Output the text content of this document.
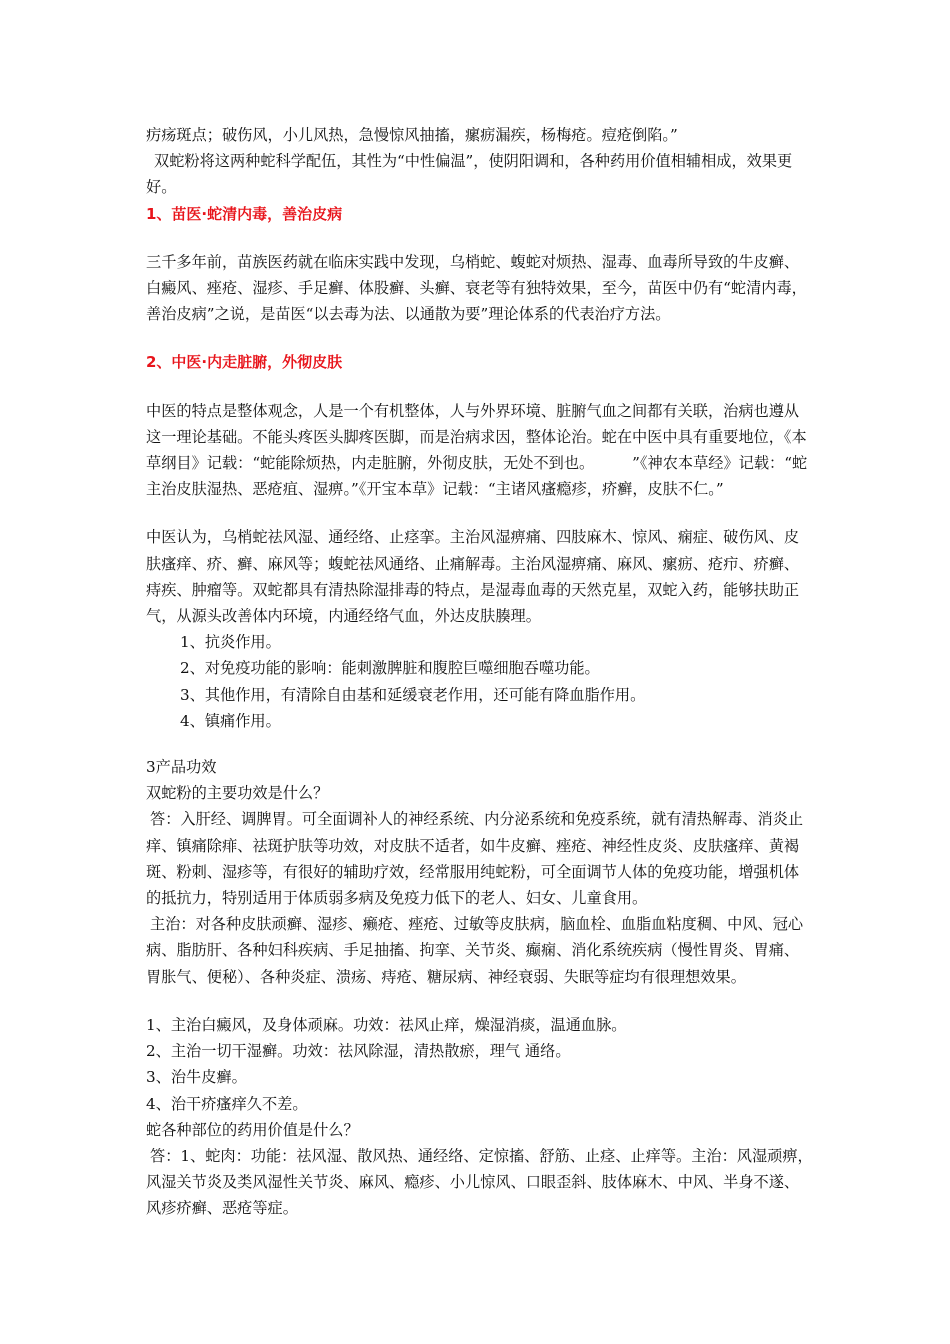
疠疡斑点；破伤风，小儿风热，急慢惊风抽搐，瘰疬漏疾，杨梅疮。痘疮倒陷。”

双蛇粉将这两种蛇科学配伍，其性为“中性偏温”，使阴阳调和，各种药用价值相辅相成，效果更好。

1、苗医·蛇清内毒，善治皮病

三千多年前，苗族医药就在临床实践中发现，乌梢蛇、蝮蛇对烦热、湿毒、血毒所导致的牛皮癣、白癜风、痤疮、湿疹、手足癣、体股癣、头癣、衰老等有独特效果，至今，苗医中仍有“蛇清内毒，善治皮病”之说，是苗医“以去毒为法、以通散为要”理论体系的代表治疗方法。

2、中医·内走脏腑，外彻皮肤

中医的特点是整体观念，人是一个有机整体，人与外界环境、脏腑气血之间都有关联，治病也遵从这一理论基础。不能头疼医头脚疼医脚，而是治病求因，整体论治。蛇在中医中具有重要地位，《本草纲目》记载：“蛇能除烦热，内走脏腑，外彻皮肤，无处不到也。　　　”《神农本草经》记载：“蛇主治皮肤湿热、恶疮疽、湿痹。”《开宝本草》记载：“主诸风瘙瘾疹，疥癣，皮肤不仁。”

中医认为，乌梢蛇祛风湿、通经络、止痉挛。主治风湿痹痛、四肢麻木、惊风、痫症、破伤风、皮肤瘙痒、疥、癣、麻风等；蝮蛇祛风通络、止痛解毒。主治风湿痹痛、麻风、瘰疬、疮疖、疥癣、痔疾、肿瘤等。双蛇都具有清热除湿排毒的特点，是湿毒血毒的天然克星，双蛇入药，能够扶助正气，从源头改善体内环境，内通经络气血，外达皮肤腠理。

1、抗炎作用。

2、对免疫功能的影响：能刺激脾脏和腹腔巨噬细胞吞噬功能。

3、其他作用，有清除自由基和延缓衰老作用，还可能有降血脂作用。

4、镇痛作用。

3产品功效

双蛇粉的主要功效是什么？

答：入肝经、调脾胃。可全面调补人的神经系统、内分泌系统和免疫系统，就有清热解毒、消炎止痒、镇痛除痱、祛斑护肤等功效，对皮肤不适者，如牛皮癣、痤疮、神经性皮炎、皮肤瘙痒、黄褐斑、粉刺、湿疹等，有很好的辅助疗效，经常服用纯蛇粉，可全面调节人体的免疫功能，增强机体的抵抗力，特别适用于体质弱多病及免疫力低下的老人、妇女、儿童食用。

主治：对各种皮肤顽癣、湿疹、癞疮、痤疮、过敏等皮肤病，脑血栓、血脂血粘度稠、中风、冠心病、脂肪肝、各种妇科疾病、手足抽搐、拘挛、关节炎、癫痫、消化系统疾病（慢性胃炎、胃痛、胃胀气、便秘）、各种炎症、溃疡、痔疮、糖尿病、神经衰弱、失眠等症均有很理想效果。

1、主治白癜风，及身体顽麻。功效：祛风止痒，燥湿消痰，温通血脉。

2、主治一切干湿癣。功效：祛风除湿，清热散瘀，理气 通络。

3、治牛皮癣。

4、治干疥瘙痒久不差。

蛇各种部位的药用价值是什么？

答：1、蛇肉：功能：祛风湿、散风热、通经络、定惊搐、舒筋、止痉、止痒等。主治：风湿顽痹，风湿关节炎及类风湿性关节炎、麻风、瘾疹、小儿惊风、口眼歪斜、肢体麻木、中风、半身不遂、风疹疥癣、恶疮等症。
